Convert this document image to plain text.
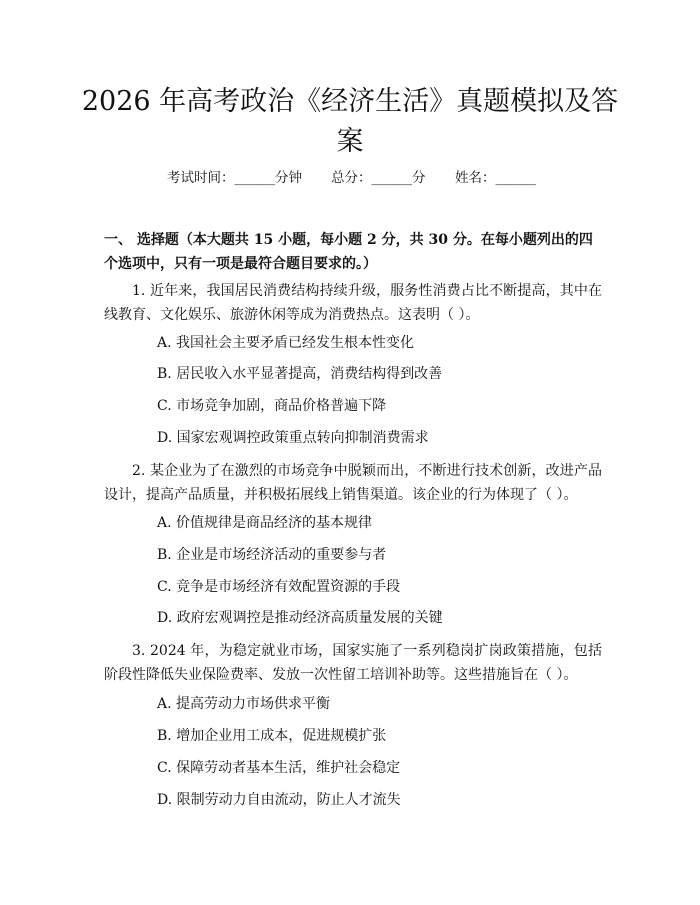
2026 年高考政治《经济生活》真题模拟及答案
考试时间：______分钟 总分：______分 姓名：______
一、 选择题（本大题共 15 小题，每小题 2 分，共 30 分。在每小题列出的四个选项中，只有一项是最符合题目要求的。）
1. 近年来，我国居民消费结构持续升级，服务性消费占比不断提高，其中在线教育、文化娱乐、旅游休闲等成为消费热点。这表明（ ）。
A. 我国社会主要矛盾已经发生根本性变化
B. 居民收入水平显著提高，消费结构得到改善
C. 市场竞争加剧，商品价格普遍下降
D. 国家宏观调控政策重点转向抑制消费需求
2. 某企业为了在激烈的市场竞争中脱颖而出，不断进行技术创新，改进产品设计，提高产品质量，并积极拓展线上销售渠道。该企业的行为体现了（ ）。
A. 价值规律是商品经济的基本规律
B. 企业是市场经济活动的重要参与者
C. 竞争是市场经济有效配置资源的手段
D. 政府宏观调控是推动经济高质量发展的关键
3. 2024 年，为稳定就业市场，国家实施了一系列稳岗扩岗政策措施，包括阶段性降低失业保险费率、发放一次性留工培训补助等。这些措施旨在（ ）。
A. 提高劳动力市场供求平衡
B. 增加企业用工成本，促进规模扩张
C. 保障劳动者基本生活，维护社会稳定
D. 限制劳动力自由流动，防止人才流失
